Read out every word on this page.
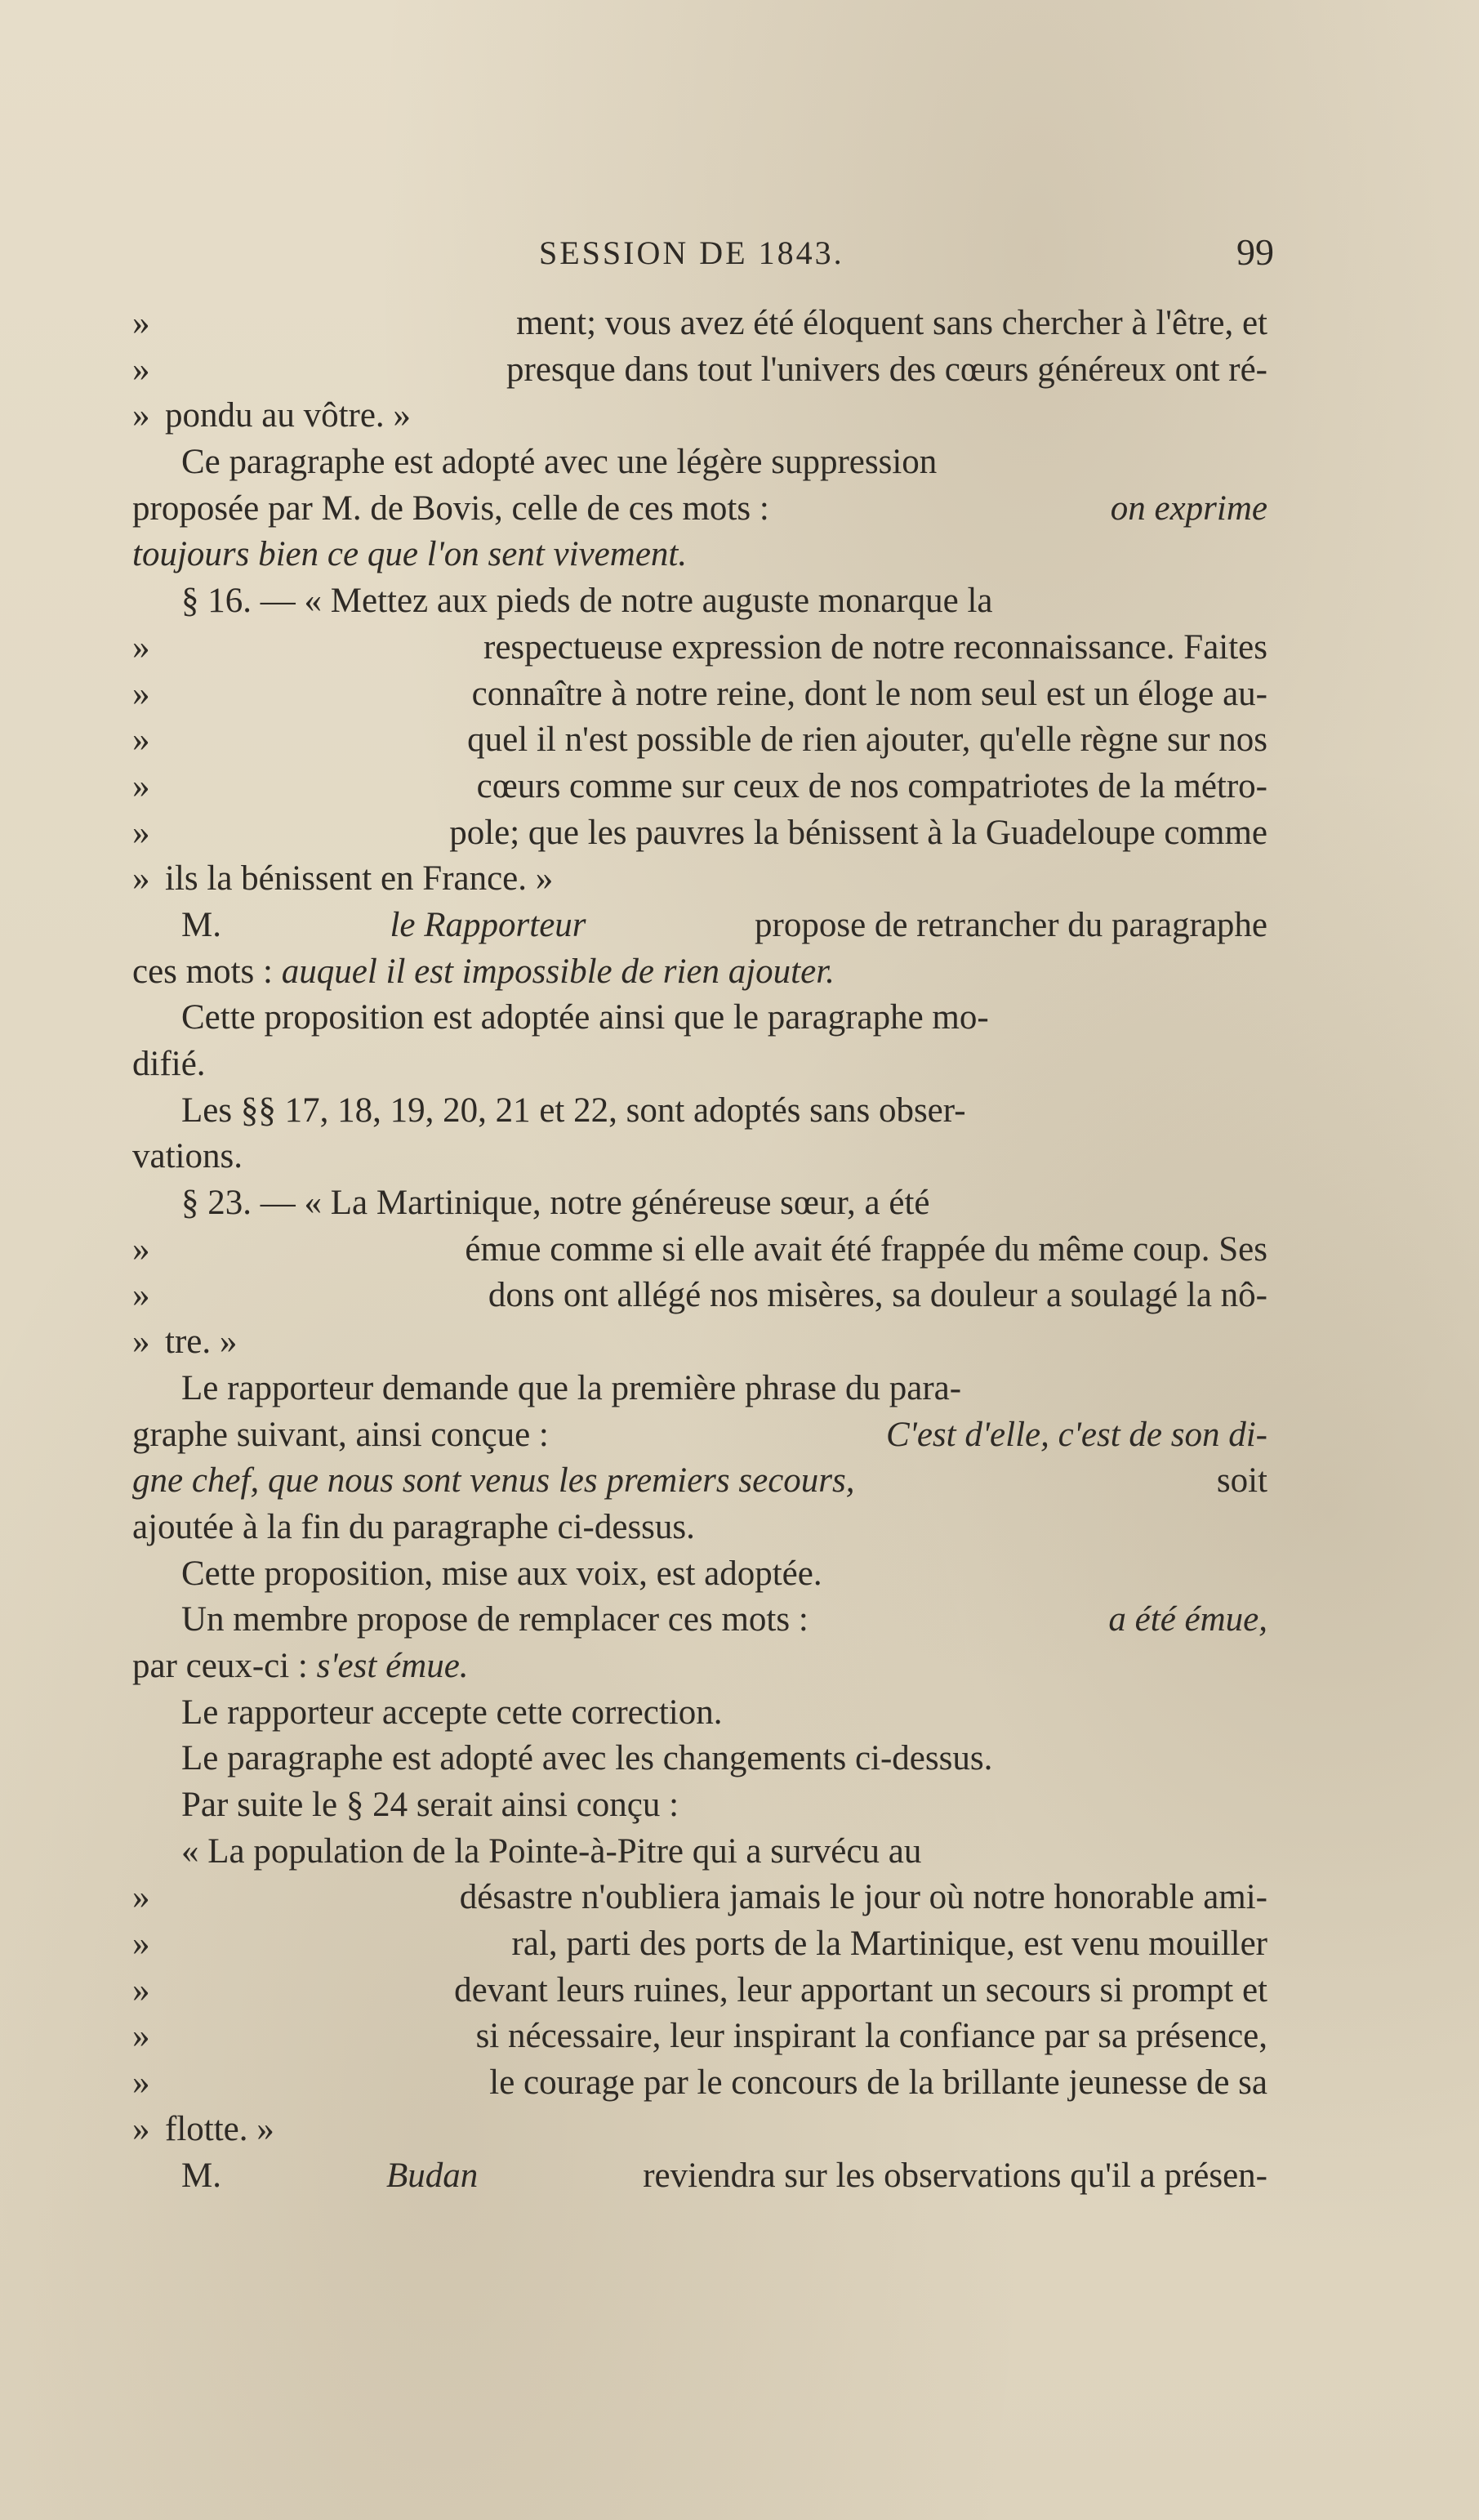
SESSION DE 1843.	99
»	ment; vous avez été éloquent sans chercher à l'être, et
»	presque dans tout l'univers des cœurs généreux ont ré-
» pondu au vôtre. »
Ce paragraphe est adopté avec une légère suppression
proposée par M. de Bovis, celle de ces mots :	on exprime
toujours bien ce que l'on sent vivement.
§ 16. — « Mettez aux pieds de notre auguste monarque la
»	respectueuse expression de notre reconnaissance. Faites
»	connaître à notre reine, dont le nom seul est un éloge au-
»	quel il n'est possible de rien ajouter, qu'elle règne sur nos
»	cœurs comme sur ceux de nos compatriotes de la métro-
»	pole; que les pauvres la bénissent à la Guadeloupe comme
» ils la bénissent en France. »
M.	le Rapporteur	propose de retrancher du paragraphe
ces mots :
auquel il est impossible de rien ajouter.
Cette proposition est adoptée ainsi que le paragraphe mo-
difié.
Les §§ 17, 18, 19, 20, 21 et 22, sont adoptés sans obser-
vations.
§ 23. — « La Martinique, notre généreuse sœur, a été
»	émue comme si elle avait été frappée du même coup. Ses
»	dons ont allégé nos misères, sa douleur a soulagé la nô-
» tre. »
Le rapporteur demande que la première phrase du para-
graphe suivant, ainsi conçue :	C'est d'elle, c'est de son di-
gne chef, que nous sont venus les premiers secours,	soit
ajoutée à la fin du paragraphe ci-dessus.
Cette proposition, mise aux voix, est adoptée.
Un membre propose de remplacer ces mots :	a été émue,
par ceux-ci :
s'est émue.
Le rapporteur accepte cette correction.
Le paragraphe est adopté avec les changements ci-dessus.
Par suite le § 24 serait ainsi conçu :
« La population de la Pointe-à-Pitre qui a survécu au
»	désastre n'oubliera jamais le jour où notre honorable ami-
»	ral, parti des ports de la Martinique, est venu mouiller
»	devant leurs ruines, leur apportant un secours si prompt et
»	si nécessaire, leur inspirant la confiance par sa présence,
»	le courage par le concours de la brillante jeunesse de sa
» flotte. »
M.	Budan	reviendra sur les observations qu'il a présen-
